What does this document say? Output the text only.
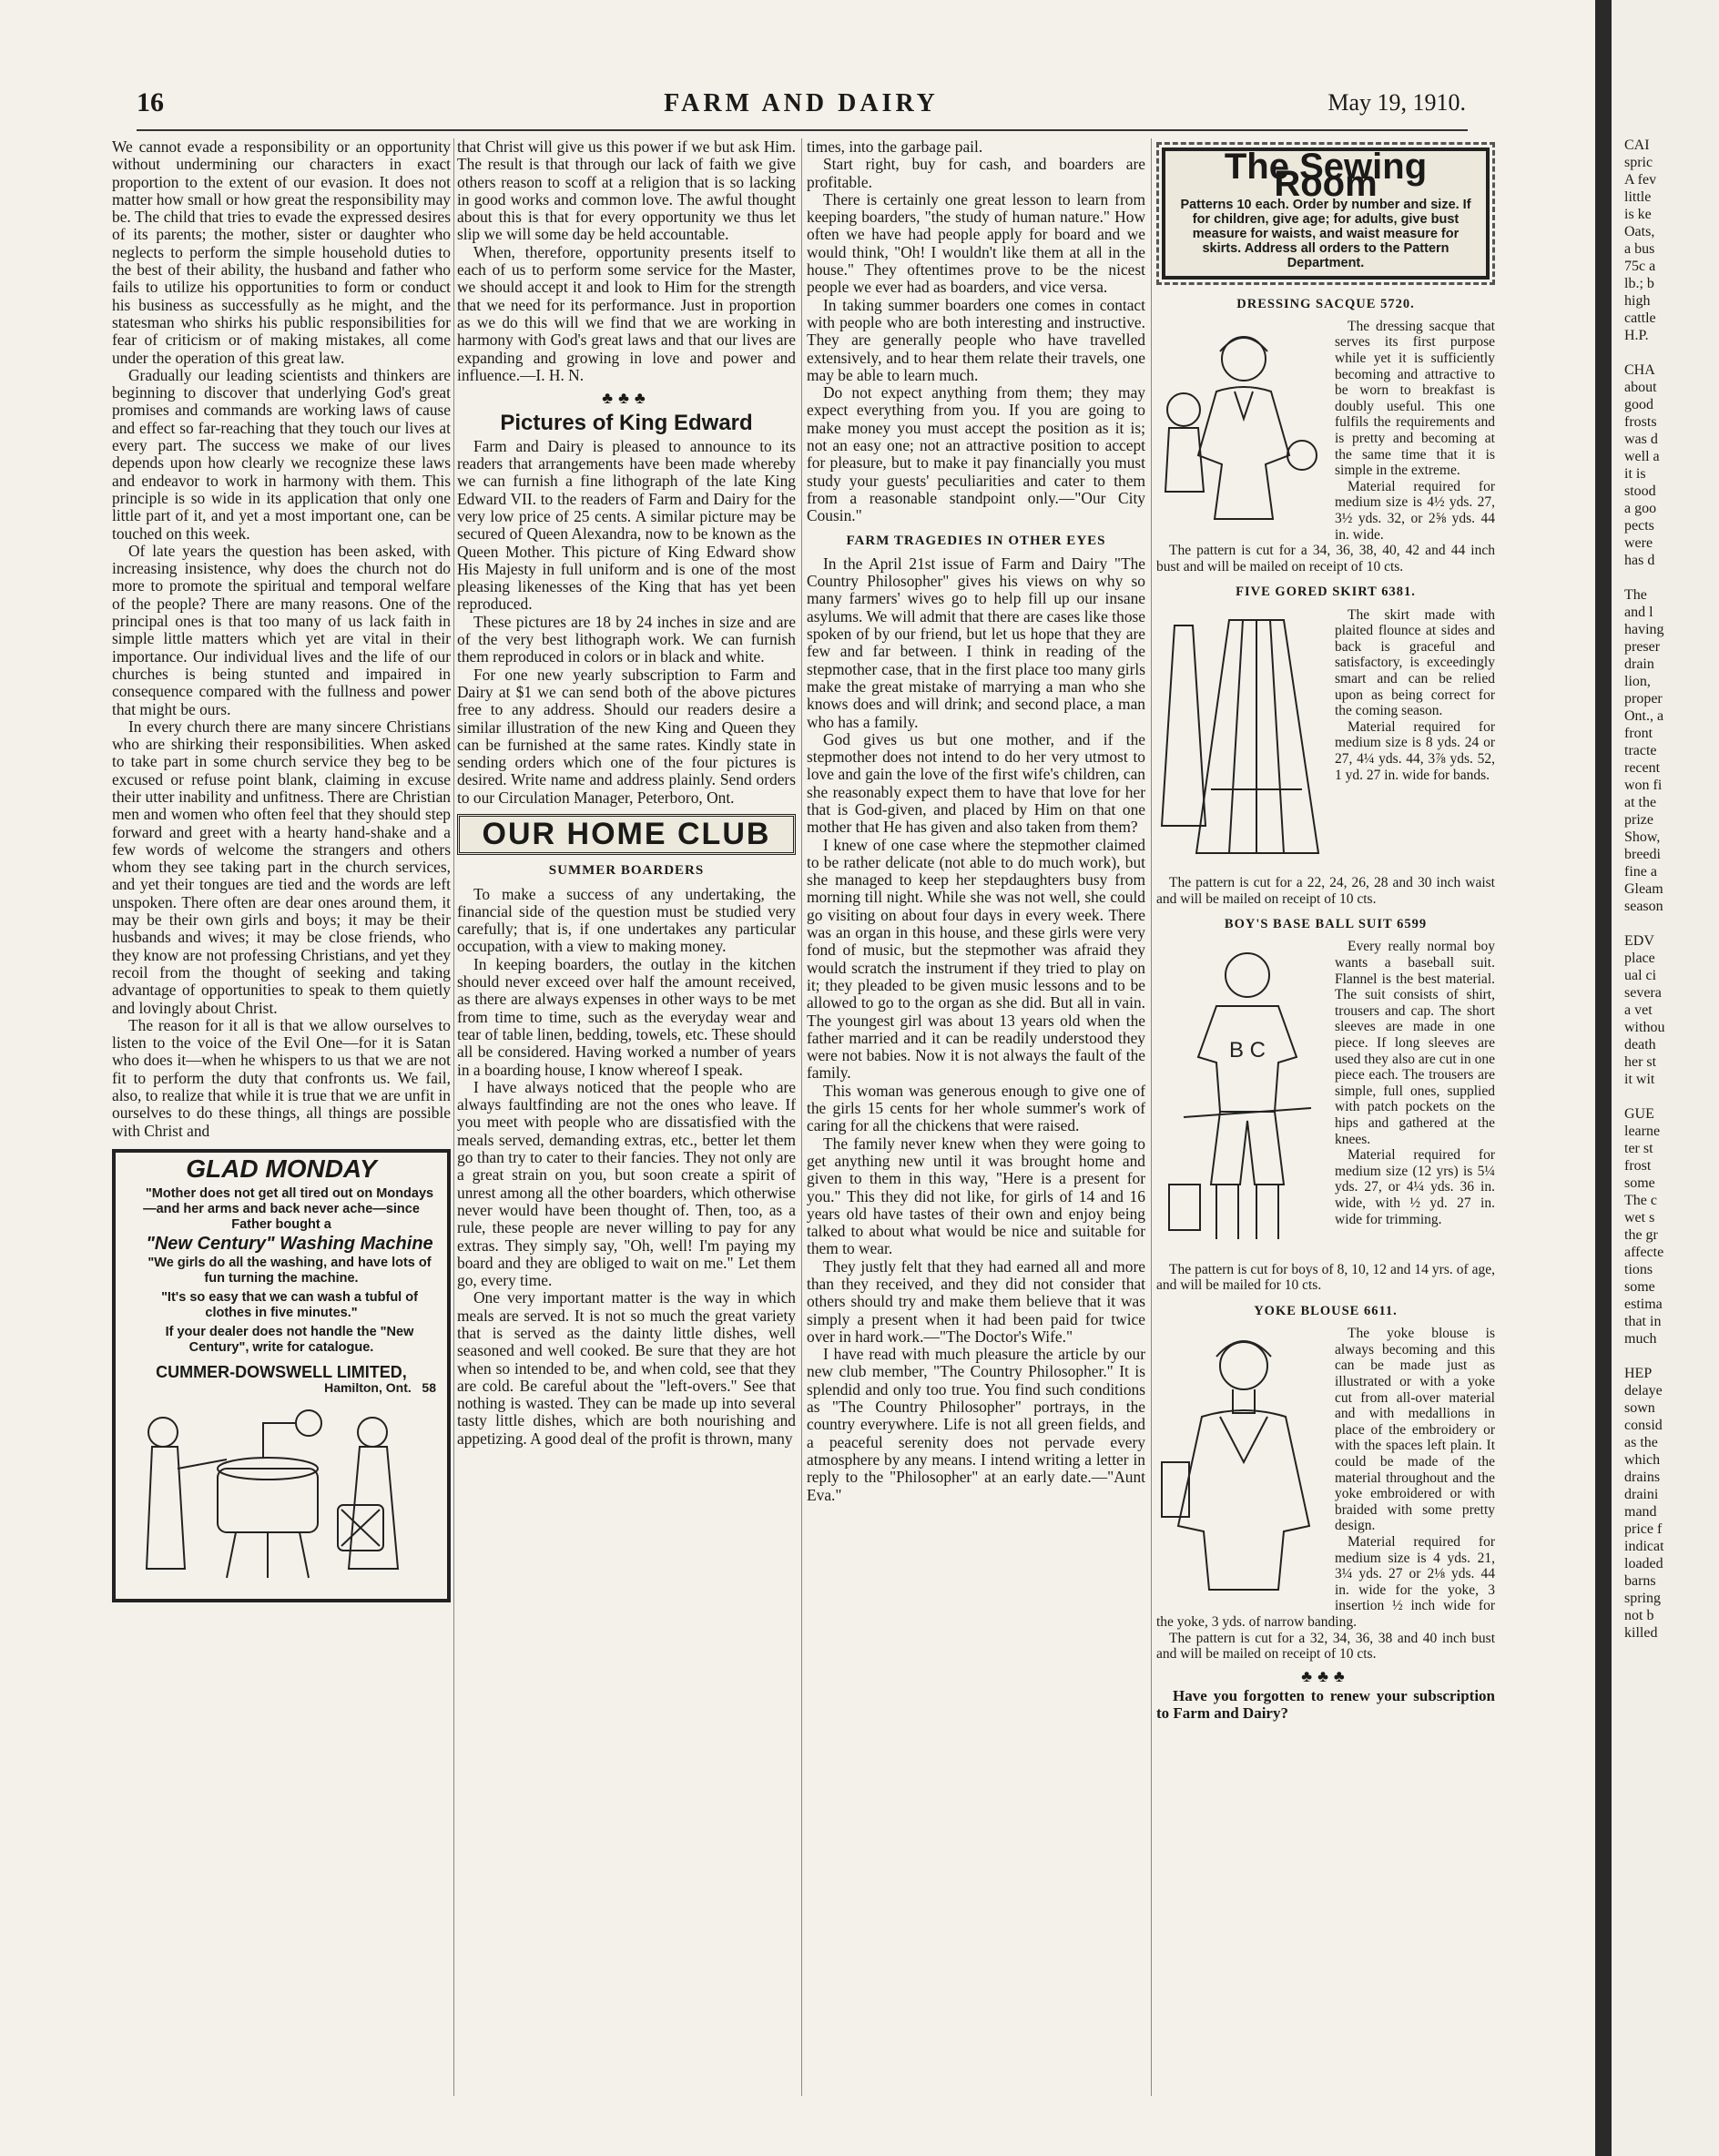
16	FARM AND DAIRY	May 19, 1910.

We cannot evade a responsibility or an opportunity without undermining our characters in exact proportion to the extent of our evasion. It does not matter how small or how great the responsibility may be. The child that tries to evade the expressed desires of its parents; the mother, sister or daughter who neglects to perform the simple household duties to the best of their ability, the husband and father who fails to utilize his opportunities to form or conduct his business as successfully as he might, and the statesman who shirks his public responsibilities for fear of criticism or of making mistakes, all come under the operation of this great law.

Gradually our leading scientists and thinkers are beginning to discover that underlying God's great promises and commands are working laws of cause and effect so far-reaching that they touch our lives at every part. The success we make of our lives depends upon how clearly we recognize these laws and endeavor to work in harmony with them. This principle is so wide in its application that only one little part of it, and yet a most important one, can be touched on this week.

Of late years the question has been asked, with increasing insistence, why does the church not do more to promote the spiritual and temporal welfare of the people? There are many reasons. One of the principal ones is that too many of us lack faith in simple little matters which yet are vital in their importance. Our individual lives and the life of our churches is being stunted and impaired in consequence compared with the fullness and power that might be ours.

In every church there are many sincere Christians who are shirking their responsibilities. When asked to take part in some church service they beg to be excused or refuse point blank, claiming in excuse their utter inability and unfitness. There are Christian men and women who often feel that they should step forward and greet with a hearty hand-shake and a few words of welcome the strangers and others whom they see taking part in the church services, and yet their tongues are tied and the words are left unspoken. There often are dear ones around them, it may be their own girls and boys; it may be their husbands and wives; it may be close friends, who they know are not professing Christians, and yet they recoil from the thought of seeking and taking advantage of opportunities to speak to them quietly and lovingly about Christ.

The reason for it all is that we allow ourselves to listen to the voice of the Evil One—for it is Satan who does it—when he whispers to us that we are not fit to perform the duty that confronts us. We fail, also, to realize that while it is true that we are unfit in ourselves to do these things, all things are possible with Christ and

GLAD MONDAY

"Mother does not get all tired out on Mondays—and her arms and back never ache—since Father bought a

"New Century" Washing Machine

"We girls do all the washing, and have lots of fun turning the machine.

"It's so easy that we can wash a tubful of clothes in five minutes."

If your dealer does not handle the "New Century", write for catalogue.

CUMMER-DOWSWELL LIMITED,
Hamilton, Ont. 58

that Christ will give us this power if we but ask Him. The result is that through our lack of faith we give others reason to scoff at a religion that is so lacking in good works and common love. The awful thought about this is that for every opportunity we thus let slip we will some day be held accountable.

When, therefore, opportunity presents itself to each of us to perform some service for the Master, we should accept it and look to Him for the strength that we need for its performance. Just in proportion as we do this will we find that we are working in harmony with God's great laws and that our lives are expanding and growing in love and power and influence.—I. H. N.

♣♣♣
Pictures of King Edward

Farm and Dairy is pleased to announce to its readers that arrangements have been made whereby we can furnish a fine lithograph of the late King Edward VII. to the readers of Farm and Dairy for the very low price of 25 cents. A similar picture may be secured of Queen Alexandra, now to be known as the Queen Mother. This picture of King Edward show His Majesty in full uniform and is one of the most pleasing likenesses of the King that has yet been reproduced.

These pictures are 18 by 24 inches in size and are of the very best lithograph work. We can furnish them reproduced in colors or in black and white.

For one new yearly subscription to Farm and Dairy at $1 we can send both of the above pictures free to any address. Should our readers desire a similar illustration of the new King and Queen they can be furnished at the same rates. Kindly state in sending orders which one of the four pictures is desired. Write name and address plainly. Send orders to our Circulation Manager, Peterboro, Ont.

OUR HOME CLUB
SUMMER BOARDERS

To make a success of any undertaking, the financial side of the question must be studied very carefully; that is, if one undertakes any particular occupation, with a view to making money.

In keeping boarders, the outlay in the kitchen should never exceed over half the amount received, as there are always expenses in other ways to be met from time to time, such as the everyday wear and tear of table linen, bedding, towels, etc. These should all be considered. Having worked a number of years in a boarding house, I know whereof I speak.

I have always noticed that the people who are always faultfinding are not the ones who leave. If you meet with people who are dissatisfied with the meals served, demanding extras, etc., better let them go than try to cater to their fancies. They not only are a great strain on you, but soon create a spirit of unrest among all the other boarders, which otherwise never would have been thought of. Then, too, as a rule, these people are never willing to pay for any extras. They simply say, "Oh, well! I'm paying my board and they are obliged to wait on me." Let them go, every time.

One very important matter is the way in which meals are served. It is not so much the great variety that is served as the dainty little dishes, well seasoned and well cooked. Be sure that they are hot when so intended to be, and when cold, see that they are cold. Be careful about the "left-overs." See that nothing is wasted. They can be made up into several tasty little dishes, which are both nourishing and appetizing. A good deal of the profit is thrown, many

times, into the garbage pail.

Start right, buy for cash, and boarders are profitable.

There is certainly one great lesson to learn from keeping boarders, "the study of human nature." How often we have had people apply for board and we would think, "Oh! I wouldn't like them at all in the house." They oftentimes prove to be the nicest people we ever had as boarders, and vice versa.

In taking summer boarders one comes in contact with people who are both interesting and instructive. They are generally people who have travelled extensively, and to hear them relate their travels, one may be able to learn much.

Do not expect anything from them; they may expect everything from you. If you are going to make money you must accept the position as it is; not an easy one; not an attractive position to accept for pleasure, but to make it pay financially you must study your guests' peculiarities and cater to them from a reasonable standpoint only.—"Our City Cousin."

FARM TRAGEDIES IN OTHER EYES

In the April 21st issue of Farm and Dairy "The Country Philosopher" gives his views on why so many farmers' wives go to help fill up our insane asylums. We will admit that there are cases like those spoken of by our friend, but let us hope that they are few and far between. I think in reading of the stepmother case, that in the first place too many girls make the great mistake of marrying a man who she knows does and will drink; and second place, a man who has a family.

God gives us but one mother, and if the stepmother does not intend to do her very utmost to love and gain the love of the first wife's children, can she reasonably expect them to have that love for her that is God-given, and placed by Him on that one mother that He has given and also taken from them?

I knew of one case where the stepmother claimed to be rather delicate (not able to do much work), but she managed to keep her stepdaughters busy from morning till night. While she was not well, she could go visiting on about four days in every week. There was an organ in this house, and these girls were very fond of music, but the stepmother was afraid they would scratch the instrument if they tried to play on it; they pleaded to be given music lessons and to be allowed to go to the organ as she did. But all in vain. The youngest girl was about 13 years old when the father married and it can be readily understood they were not babies. Now it is not always the fault of the family.

This woman was generous enough to give one of the girls 15 cents for her whole summer's work of caring for all the chickens that were raised.

The family never knew when they were going to get anything new until it was brought home and given to them in this way, "Here is a present for you." This they did not like, for girls of 14 and 16 years old have tastes of their own and enjoy being talked to about what would be nice and suitable for them to wear.

They justly felt that they had earned all and more than they received, and they did not consider that others should try and make them believe that it was simply a present when it had been paid for twice over in hard work.—"The Doctor's Wife."

I have read with much pleasure the article by our new club member, "The Country Philosopher." It is splendid and only too true. You find such conditions as "The Country Philosopher" portrays, in the country everywhere. Life is not all green fields, and a peaceful serenity does not pervade every atmosphere by any means. I intend writing a letter in reply to the "Philosopher" at an early date.—"Aunt Eva."

The Sewing Room
Patterns 10 each. Order by number and size. If for children, give age; for adults, give bust measure for waists, and waist measure for skirts. Address all orders to the Pattern Department.
DRESSING SACQUE 5720.

The dressing sacque that serves its first purpose while yet it is sufficiently becoming and attractive to be worn to breakfast is doubly useful. This one fulfils the requirements and is pretty and becoming at the same time that it is simple in the extreme.

Material required for medium size is 4½ yds. 27, 3½ yds. 32, or 2⅝ yds. 44 in. wide.

The pattern is cut for a 34, 36, 38, 40, 42 and 44 inch bust and will be mailed on receipt of 10 cts.

FIVE GORED SKIRT 6381.

The skirt made with plaited flounce at sides and back is graceful and satisfactory, is exceedingly smart and can be relied upon as being correct for the coming season.

Material required for medium size is 8 yds. 24 or 27, 4¼ yds. 44, 3⅞ yds. 52, 1 yd. 27 in. wide for bands.

The pattern is cut for a 22, 24, 26, 28 and 30 inch waist and will be mailed on receipt of 10 cts.

BOY'S BASE BALL SUIT 6599
B C

Every really normal boy wants a baseball suit. Flannel is the best material. The suit consists of shirt, trousers and cap. The short sleeves are made in one piece. If long sleeves are used they also are cut in one piece each. The trousers are simple, full ones, supplied with patch pockets on the hips and gathered at the knees.

Material required for medium size (12 yrs) is 5¼ yds. 27, or 4¼ yds. 36 in. wide, with ½ yd. 27 in. wide for trimming.

The pattern is cut for boys of 8, 10, 12 and 14 yrs. of age, and will be mailed for 10 cts.

YOKE BLOUSE 6611.

The yoke blouse is always becoming and this can be made just as illustrated or with a yoke cut from all-over material and with medallions in place of the embroidery or with the spaces left plain. It could be made of the material throughout and the yoke embroidered or with braided with some pretty design.

Material required for medium size is 4 yds. 21, 3¼ yds. 27 or 2⅛ yds. 44 in. wide for the yoke, 3 insertion ½ inch wide for the yoke, 3 yds. of narrow banding.

The pattern is cut for a 32, 34, 36, 38 and 40 inch bust and will be mailed on receipt of 10 cts.

♣♣♣

Have you forgotten to renew your subscription to Farm and Dairy?

CAI
spric
A fev
little
is ke
Oats,
a bus
75c a
lb.; b
high
cattle
H.P.

CHA
about
good
frosts
was d
well a
it is
stood
a goo
pects
were
has d

The
and l
having
preser
drain
lion,
proper
Ont., a
front
tracte
recent
won fi
at the
prize
Show,
breedi
fine a
Gleam
season

EDV
place
ual ci
severa
a vet
withou
death
her st
it wit

GUE
learne
ter st
frost
some
The c
wet s
the gr
affecte
tions
some
estima
that in
much

HEP
delaye
sown
consid
as the
which
drains
draini
mand
price f
indicat
loaded
barns
spring
not b
killed
